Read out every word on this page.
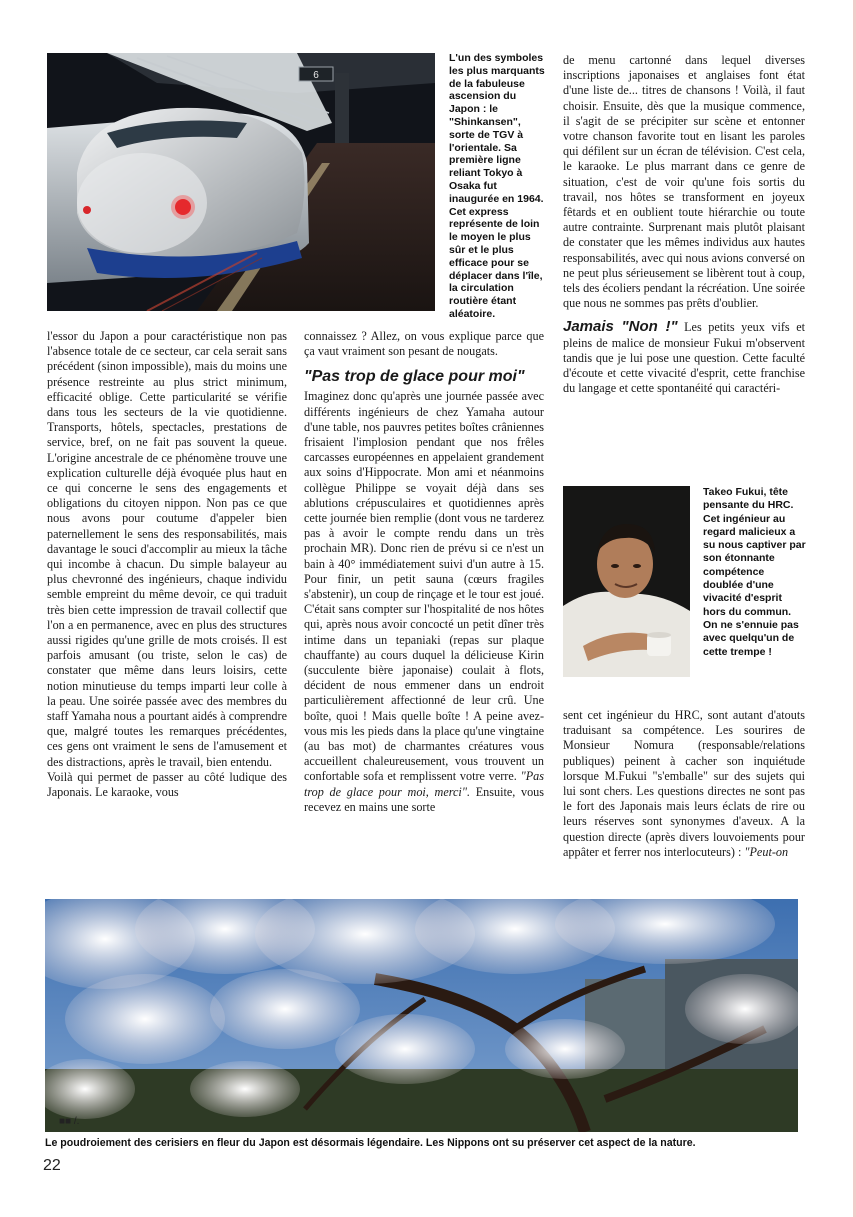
6
L'un des symboles les plus marquants de la fabuleuse ascension du Japon : le "Shinkansen", sorte de TGV à l'orientale. Sa première ligne reliant Tokyo à Osaka fut inaugurée en 1964. Cet express représente de loin le moyen le plus sûr et le plus efficace pour se déplacer dans l'île, la circulation routière étant aléatoire.

l'essor du Japon a pour caractéristique non pas l'absence totale de ce secteur, car cela serait sans précédent (sinon impossible), mais du moins une présence restreinte au plus strict minimum, efficacité oblige. Cette particularité se vérifie dans tous les secteurs de la vie quotidienne. Transports, hôtels, spectacles, prestations de service, bref, on ne fait pas souvent la queue. L'origine ancestrale de ce phénomène trouve une explication culturelle déjà évoquée plus haut en ce qui concerne le sens des engagements et obligations du citoyen nippon. Non pas ce que nous avons pour coutume d'appeler bien paternellement le sens des responsabilités, mais davantage le souci d'accomplir au mieux la tâche qui incombe à chacun. Du simple balayeur au plus chevronné des ingénieurs, chaque individu semble empreint du même devoir, ce qui traduit très bien cette impression de travail collectif que l'on a en permanence, avec en plus des structures aussi rigides qu'une grille de mots croisés. Il est parfois amusant (ou triste, selon le cas) de constater que même dans leurs loisirs, cette notion minutieuse du temps imparti leur colle à la peau. Une soirée passée avec des membres du staff Yamaha nous a pourtant aidés à comprendre que, malgré toutes les remarques précédentes, ces gens ont vraiment le sens de l'amusement et des distractions, après le travail, bien entendu.

Voilà qui permet de passer au côté ludique des Japonais. Le karaoke, vous

connaissez ? Allez, on vous explique parce que ça vaut vraiment son pesant de nougats.

"Pas trop de glace pour moi"

Imaginez donc qu'après une journée passée avec différents ingénieurs de chez Yamaha autour d'une table, nos pauvres petites boîtes crâniennes frisaient l'implosion pendant que nos frêles carcasses européennes en appelaient grandement aux soins d'Hippocrate. Mon ami et néanmoins collègue Philippe se voyait déjà dans ses ablutions crépusculaires et quotidiennes après cette journée bien remplie (dont vous ne tarderez pas à avoir le compte rendu dans un très prochain MR). Donc rien de prévu si ce n'est un bain à 40° immédiatement suivi d'un autre à 15. Pour finir, un petit sauna (cœurs fragiles s'abstenir), un coup de rinçage et le tour est joué. C'était sans compter sur l'hospitalité de nos hôtes qui, après nous avoir concocté un petit dîner très intime dans un tepaniaki (repas sur plaque chauffante) au cours duquel la délicieuse Kirin (succulente bière japonaise) coulait à flots, décident de nous emmener dans un endroit particulièrement affectionné de leur crû. Une boîte, quoi ! Mais quelle boîte ! A peine avez-vous mis les pieds dans la place qu'une vingtaine (au bas mot) de charmantes créatures vous accueillent chaleureusement, vous trouvent un confortable sofa et remplissent votre verre. "Pas trop de glace pour moi, merci". Ensuite, vous recevez en mains une sorte

de menu cartonné dans lequel diverses inscriptions japonaises et anglaises font état d'une liste de... titres de chansons ! Voilà, il faut choisir. Ensuite, dès que la musique commence, il s'agit de se précipiter sur scène et entonner votre chanson favorite tout en lisant les paroles qui défilent sur un écran de télévision. C'est cela, le karaoke. Le plus marrant dans ce genre de situation, c'est de voir qu'une fois sortis du travail, nos hôtes se transforment en joyeux fêtards et en oublient toute hiérarchie ou toute autre contrainte. Surprenant mais plutôt plaisant de constater que les mêmes individus aux hautes responsabilités, avec qui nous avions conversé on ne peut plus sérieusement se libèrent tout à coup, tels des écoliers pendant la récréation. Une soirée que nous ne sommes pas prêts d'oublier.

Jamais "Non !" Les petits yeux vifs et pleins de malice de monsieur Fukui m'observent tandis que je lui pose une question. Cette faculté d'écoute et cette vivacité d'esprit, cette franchise du langage et cette spontanéité qui caractéri-

Takeo Fukui, tête pensante du HRC. Cet ingénieur au regard malicieux a su nous captiver par son étonnante compétence doublée d'une vivacité d'esprit hors du commun. On ne s'ennuie pas avec quelqu'un de cette trempe !

sent cet ingénieur du HRC, sont autant d'atouts traduisant sa compétence. Les sourires de Monsieur Nomura (responsable/relations publiques) peinent à cacher son inquiétude lorsque M.Fukui "s'emballe" sur des sujets qui lui sont chers. Les questions directes ne sont pas le fort des Japonais mais leurs éclats de rire ou leurs réserves sont synonymes d'aveux. A la question directe (après divers louvoiements pour appâter et ferrer nos interlocuteurs) : "Peut-on

■■ /.
Le poudroiement des cerisiers en fleur du Japon est désormais légendaire. Les Nippons ont su préserver cet aspect de la nature.
22
